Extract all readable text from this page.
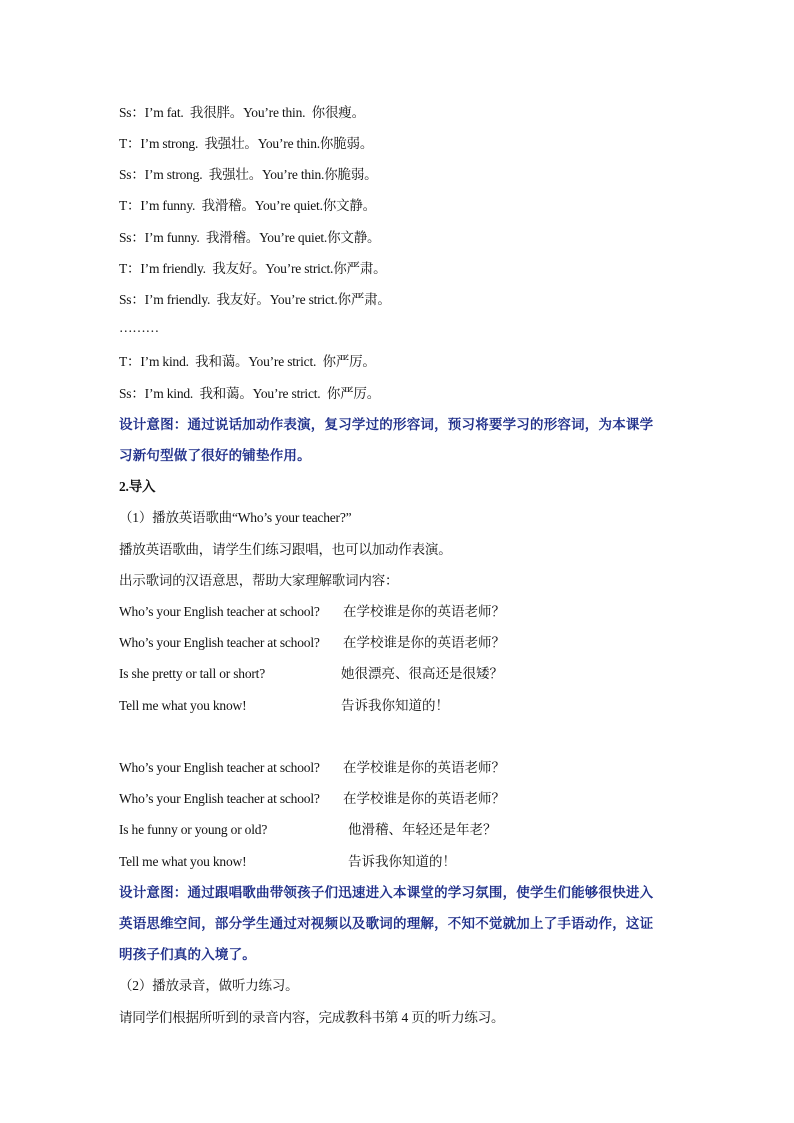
Ss：I’m fat.  我很胖。You’re thin.  你很瘦。
T：I’m strong.  我强壮。You’re thin.你脆弱。
Ss：I’m strong.  我强壮。You’re thin.你脆弱。
T：I’m funny.  我滑稽。You’re quiet.你文静。
Ss：I’m funny.  我滑稽。You’re quiet.你文静。
T：I’m friendly.  我友好。You’re strict.你严肃。
Ss：I’m friendly.  我友好。You’re strict.你严肃。
………
T：I’m kind.  我和蔼。You’re strict.  你严厉。
Ss：I’m kind.  我和蔼。You’re strict.  你严厉。
设计意图：通过说话加动作表演，复习学过的形容词，预习将要学习的形容词，为本课学
习新句型做了很好的铺垫作用。
2.导入
（1）播放英语歌曲“Who’s your teacher?”
播放英语歌曲，请学生们练习跟唱，也可以加动作表演。
出示歌词的汉语意思，帮助大家理解歌词内容：
Who’s your English teacher at school? 在学校谁是你的英语老师？
Who’s your English teacher at school? 在学校谁是你的英语老师？
Is she pretty or tall or short?	她很漂亮、很高还是很矮？
Tell me what you know!	告诉我你知道的！
Who’s your English teacher at school? 在学校谁是你的英语老师？
Who’s your English teacher at school? 在学校谁是你的英语老师？
Is he funny or young or old?	他滑稽、年轻还是年老？
Tell me what you know!	告诉我你知道的！
设计意图：通过跟唱歌曲带领孩子们迅速进入本课堂的学习氛围，使学生们能够很快进入
英语思维空间，部分学生通过对视频以及歌词的理解，不知不觉就加上了手语动作，这证
明孩子们真的入境了。
（2）播放录音，做听力练习。
请同学们根据所听到的录音内容，完成教科书第 4 页的听力练习。
